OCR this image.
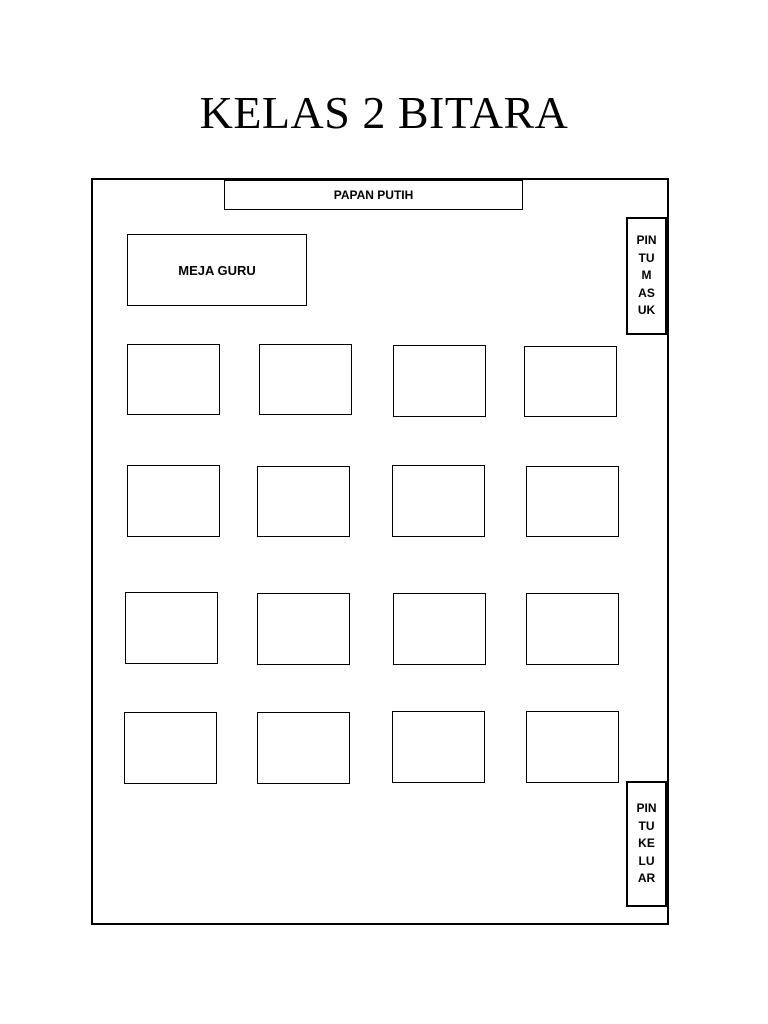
KELAS 2 BITARA
PAPAN PUTIH
MEJA GURU
PIN
TU
M
AS
UK
PIN
TU
KE
LU
AR
